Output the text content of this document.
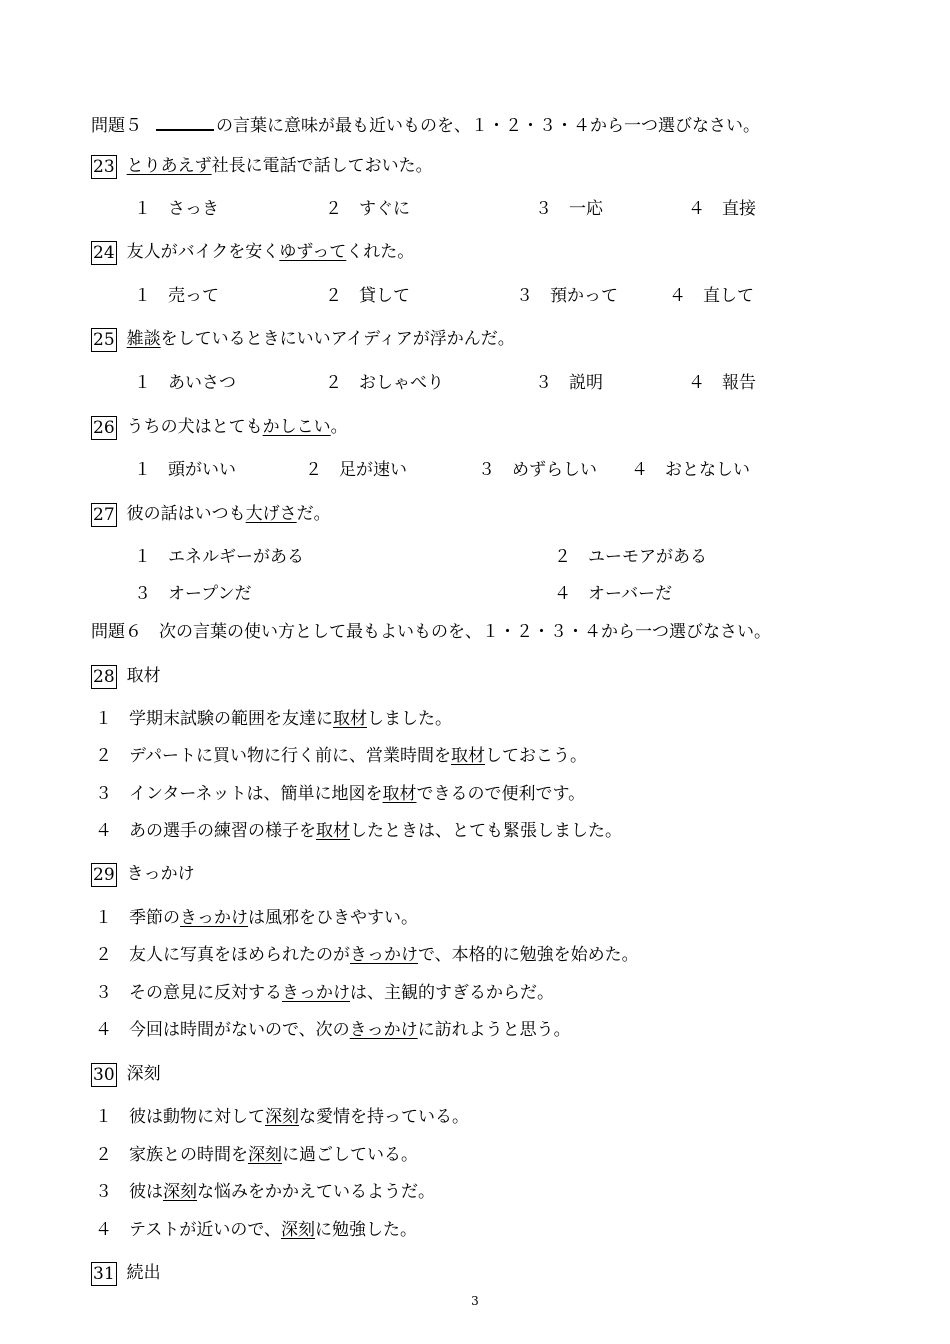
問題５	の言葉に意味が最も近いものを、１・２・３・４から一つ選びなさい。
23 とりあえず社長に電話で話しておいた。
１ さっき	２ すぐに	３ 一応	４ 直接
24 友人がバイクを安くゆずってくれた。
１ 売って	２ 貸して	３ 預かって	４ 直して
25 雑談をしているときにいいアイディアが浮かんだ。
１ あいさつ	２ おしゃべり	３ 説明	４ 報告
26 うちの犬はとてもかしこい。
１ 頭がいい	２ 足が速い	３ めずらしい ４ おとなしい
27 彼の話はいつも大げさだ。
１ エネルギーがある	２ ユーモアがある
３ オープンだ	４ オーバーだ
問題６　次の言葉の使い方として最もよいものを、１・２・３・４から一つ選びなさい。
28 取材
１ 学期末試験の範囲を友達に取材しました。
２ デパートに買い物に行く前に、営業時間を取材しておこう。
３ インターネットは、簡単に地図を取材できるので便利です。
４ あの選手の練習の様子を取材したときは、とても緊張しました。
29 きっかけ
１ 季節のきっかけは風邪をひきやすい。
２ 友人に写真をほめられたのがきっかけで、本格的に勉強を始めた。
３ その意見に反対するきっかけは、主観的すぎるからだ。
４ 今回は時間がないので、次のきっかけに訪れようと思う。
30 深刻
１ 彼は動物に対して深刻な愛情を持っている。
２ 家族との時間を深刻に過ごしている。
３ 彼は深刻な悩みをかかえているようだ。
４ テストが近いので、深刻に勉強した。
31 続出
3
